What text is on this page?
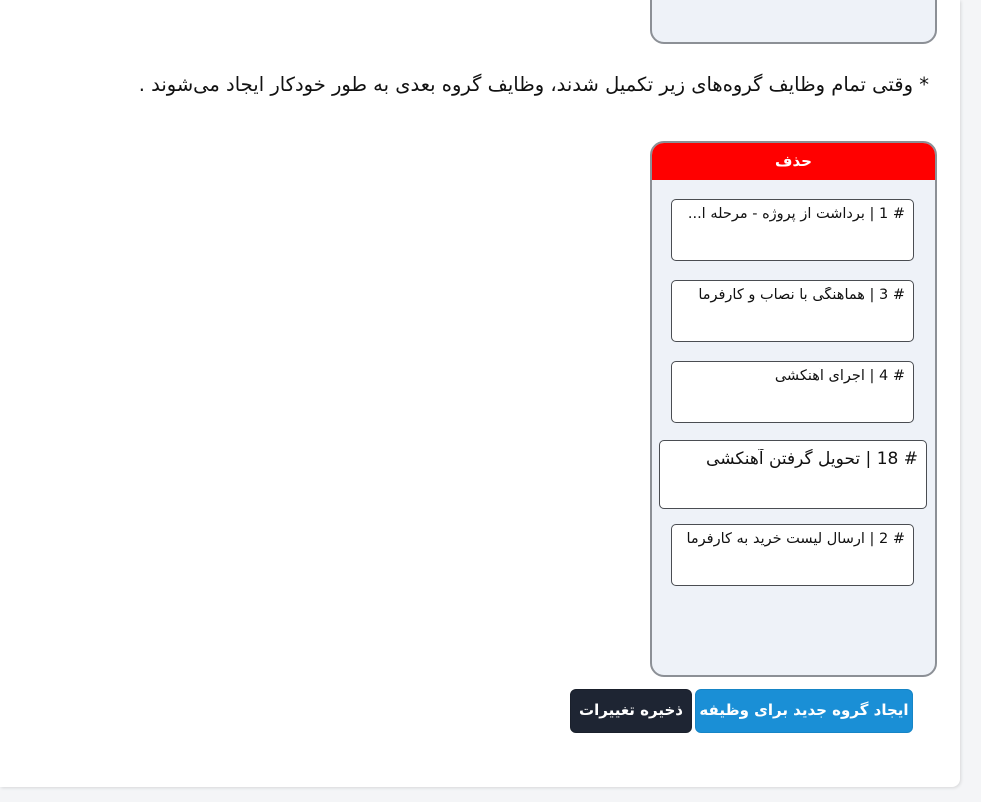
* وقتی تمام وظایف گروه‌های زیر تکمیل شدند، وظایف گروه بعدی به طور خودکار ایجاد می‌شوند .
حذف
# 1 | برداشت از پروژه - مرحله آ...
# 3 | هماهنگی با نصاب و کارفرما
# 4 | اجرای آهنکشی
# 18 | تحویل گرفتن آهنکشی
# 2 | ارسال لیست خرید به کارفرما
ایجاد گروه جدید برای وظیفه
ذخیره تغییرات
